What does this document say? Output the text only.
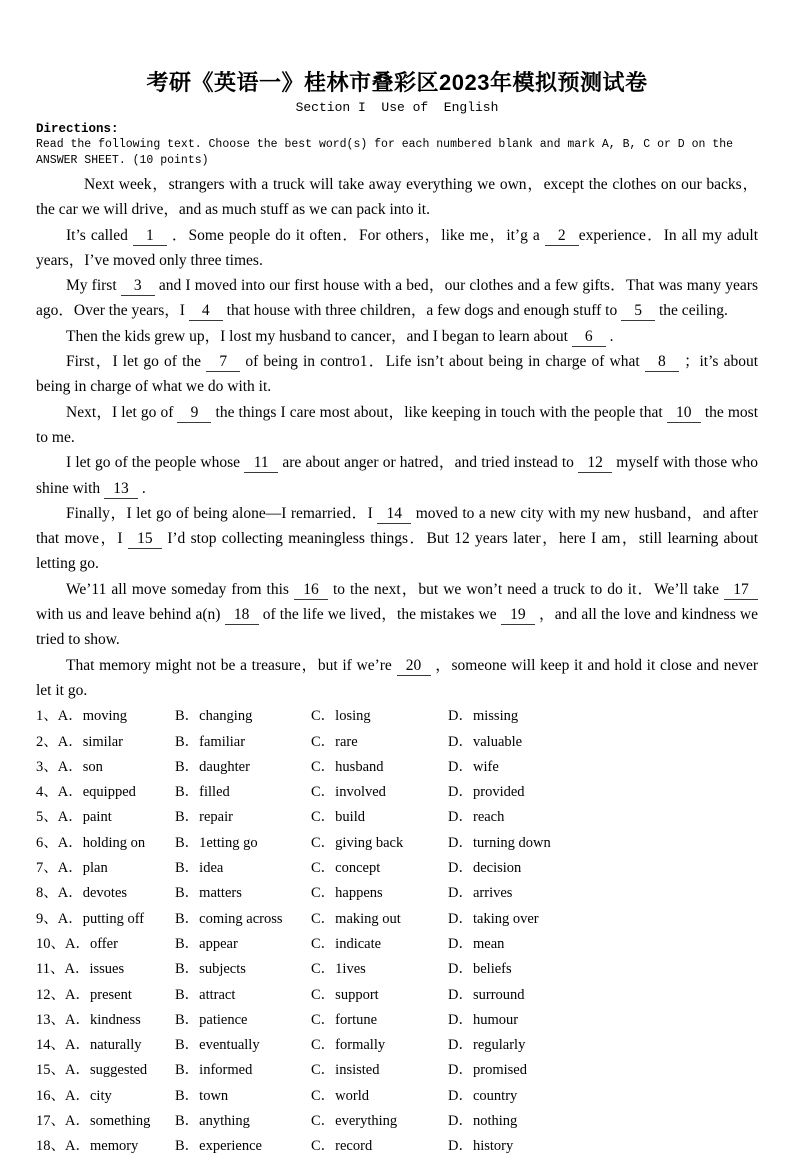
考研《英语一》桂林市叠彩区2023年模拟预测试卷
Section I  Use of  English
Directions:
Read the following text. Choose the best word(s) for each numbered blank and mark A, B, C or D on the ANSWER SHEET. (10 points)

Next week，strangers with a truck will take away everything we own，except the clothes on our backs，the car we will drive，and as much stuff as we can pack into it.

It’s called 1 ．Some people do it often．For others，like me，it’g a 2 experience．In all my adult years，I’ve moved only three times.

My first 3 and I moved into our first house with a bed，our clothes and a few gifts．That was many years ago．Over the years，I 4 that house with three children，a few dogs and enough stuff to 5 the ceiling.

Then the kids grew up，I lost my husband to cancer，and I began to learn about 6 .

First，I let go of the 7 of being in contro1．Life isn’t about being in charge of what 8 ；it’s about being in charge of what we do with it.

Next，I let go of 9 the things I care most about，like keeping in touch with the people that 10 the most to me.

I let go of the people whose 11 are about anger or hatred，and tried instead to 12 myself with those who shine with 13 .

Finally，I let go of being alone—I remarried．I 14 moved to a new city with my new husband，and after that move，I 15 I’d stop collecting meaningless things．But 12 years later，here I am，still learning about letting go.

We’11 all move someday from this 16 to the next，but we won’t need a truck to do it．We’ll take 17 with us and leave behind a(n) 18 of the life we lived，the mistakes we 19 ，and all the love and kindness we tried to show.

That memory might not be a treasure，but if we’re 20 ，someone will keep it and hold it close and never let it go.

1、A．moving	B．changing	C．losing	D．missing
2、A．similar	B．familiar	C．rare	D．valuable
3、A．son	B．daughter	C．husband	D．wife
4、A．equipped	B．filled	C．involved	D．provided
5、A．paint	B．repair	C．build	D．reach
6、A．holding on	B．1etting go	C．giving back	D．turning down
7、A．plan	B．idea	C．concept	D．decision
8、A．devotes	B．matters	C．happens	D．arrives
9、A．putting off	B．coming across	C．making out	D．taking over
10、A．offer	B．appear	C．indicate	D．mean
11、A．issues	B．subjects	C．1ives	D．beliefs
12、A．present	B．attract	C．support	D．surround
13、A．kindness	B．patience	C．fortune	D．humour
14、A．naturally	B．eventually	C．formally	D．regularly
15、A．suggested	B．informed	C．insisted	D．promised
16、A．city	B．town	C．world	D．country
17、A．something	B．anything	C．everything	D．nothing
18、A．memory	B．experience	C．record	D．history
